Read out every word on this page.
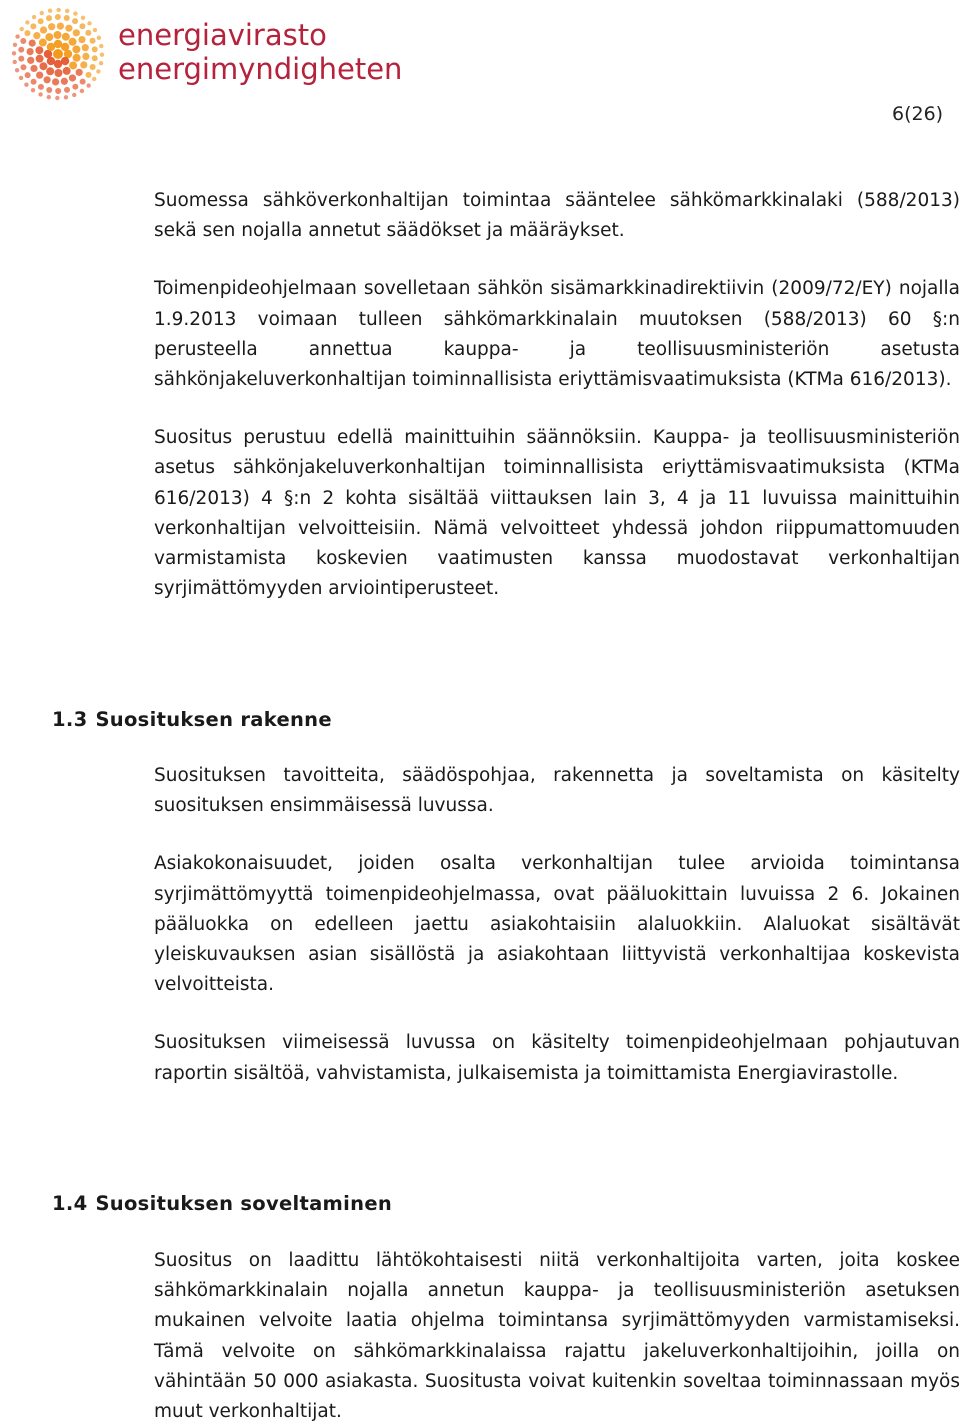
energiavirasto
energimyndigheten
6(26)

Suomessa sähköverkonhaltijan toimintaa sääntelee sähkömarkkinalaki (588/2013) sekä sen nojalla annetut säädökset ja määräykset.

Toimenpideohjelmaan sovelletaan sähkön sisämarkkinadirektiivin (2009/72/EY) nojalla 1.9.2013 voimaan tulleen sähkömarkkinalain muutoksen (588/2013) 60 §:n perusteella annettua kauppa- ja teollisuusministeriön asetusta sähkönjakeluverkonhaltijan toiminnallisista eriyttämisvaatimuksista (KTMa 616/2013).

Suositus perustuu edellä mainittuihin säännöksiin. Kauppa- ja teollisuusministeriön asetus sähkönjakeluverkonhaltijan toiminnallisista eriyttämisvaatimuksista (KTMa 616/2013) 4 §:n 2 kohta sisältää viittauksen lain 3, 4 ja 11 luvuissa mainittuihin verkonhaltijan velvoitteisiin. Nämä velvoitteet yhdessä johdon riippumattomuuden varmistamista koskevien vaatimusten kanssa muodostavat verkonhaltijan syrjimättömyyden arviointiperusteet.

1.3 Suosituksen rakenne

Suosituksen tavoitteita, säädöspohjaa, rakennetta ja soveltamista on käsitelty suosituksen ensimmäisessä luvussa.

Asiakokonaisuudet, joiden osalta verkonhaltijan tulee arvioida toimintansa syrjimättömyyttä toimenpideohjelmassa, ovat pääluokittain luvuissa 2 6. Jokainen pääluokka on edelleen jaettu asiakohtaisiin alaluokkiin. Alaluokat sisältävät yleiskuvauksen asian sisällöstä ja asiakohtaan liittyvistä verkonhaltijaa koskevista velvoitteista.

Suosituksen viimeisessä luvussa on käsitelty toimenpideohjelmaan pohjautuvan raportin sisältöä, vahvistamista, julkaisemista ja toimittamista Energiavirastolle.

1.4 Suosituksen soveltaminen

Suositus on laadittu lähtökohtaisesti niitä verkonhaltijoita varten, joita koskee sähkömarkkinalain nojalla annetun kauppa- ja teollisuusministeriön asetuksen mukainen velvoite laatia ohjelma toimintansa syrjimättömyyden varmistamiseksi. Tämä velvoite on sähkömarkkinalaissa rajattu jakeluverkonhaltijoihin, joilla on vähintään 50 000 asiakasta. Suositusta voivat kuitenkin soveltaa toiminnassaan myös muut verkonhaltijat.
